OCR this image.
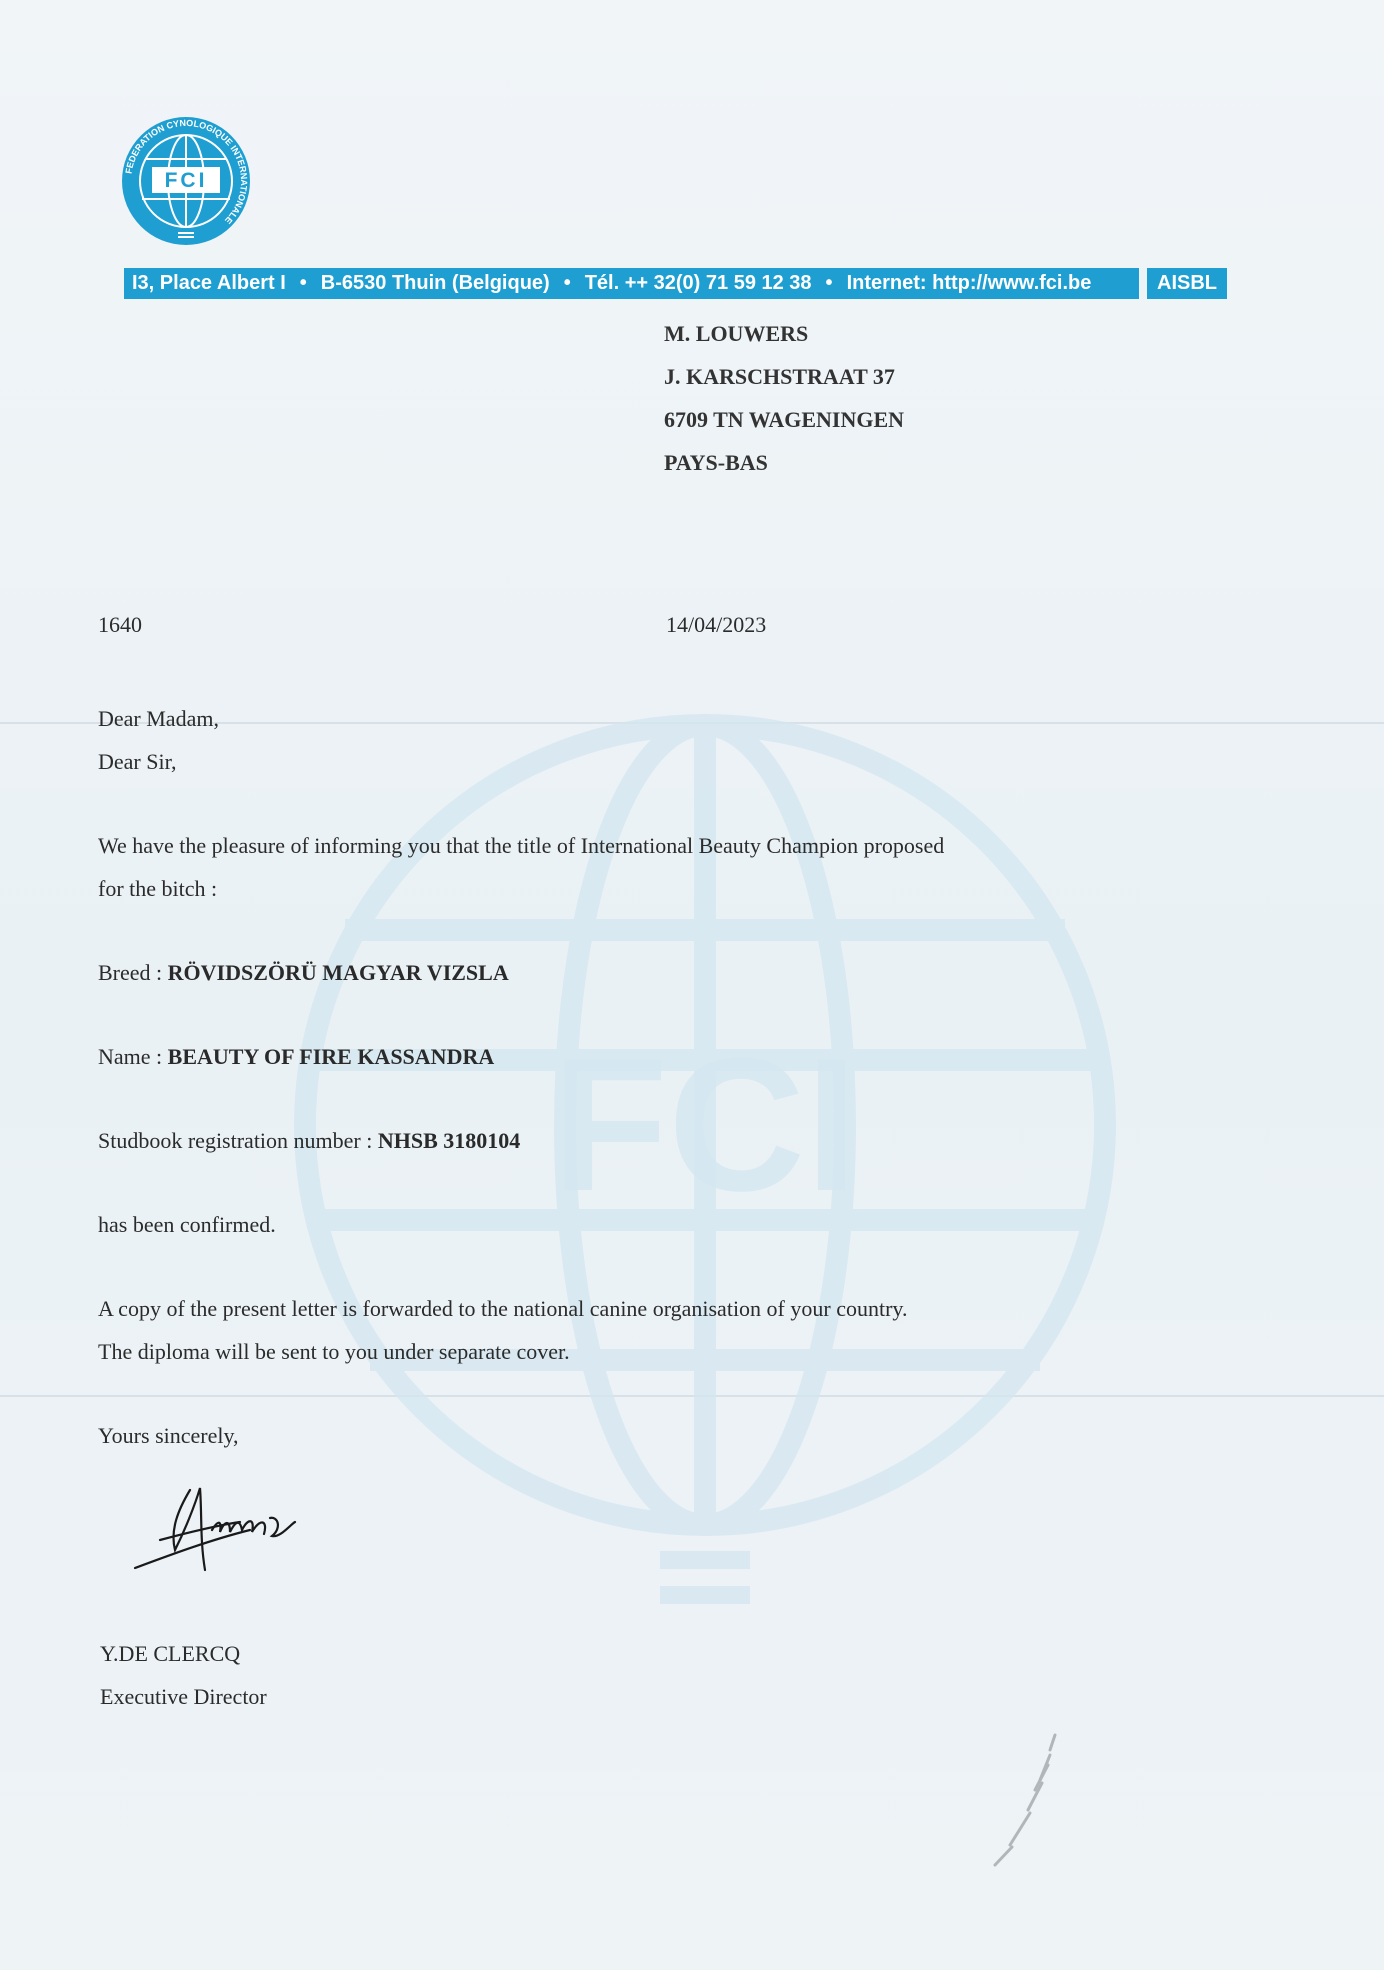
FCI
FCI
FEDERATION CYNOLOGIQUE INTERNATIONALE
I3, Place Albert I • B-6530 Thuin (Belgique) • Tél. ++ 32(0) 71 59 12 38 • Internet: http://www.fci.be	AISBL
M. LOUWERS
J. KARSCHSTRAAT 37
6709 TN WAGENINGEN
PAYS-BAS
1640	14/04/2023

Dear Madam,

Dear Sir,

We have the pleasure of informing you that the title of International Beauty Champion proposed

for the bitch :

Breed : RÖVIDSZÖRÜ MAGYAR VIZSLA

Name : BEAUTY OF FIRE KASSANDRA

Studbook registration number : NHSB 3180104

has been confirmed.

A copy of the present letter is forwarded to the national canine organisation of your country.

The diploma will be sent to you under separate cover.

Yours sincerely,

Y.DE CLERCQ
Executive Director
